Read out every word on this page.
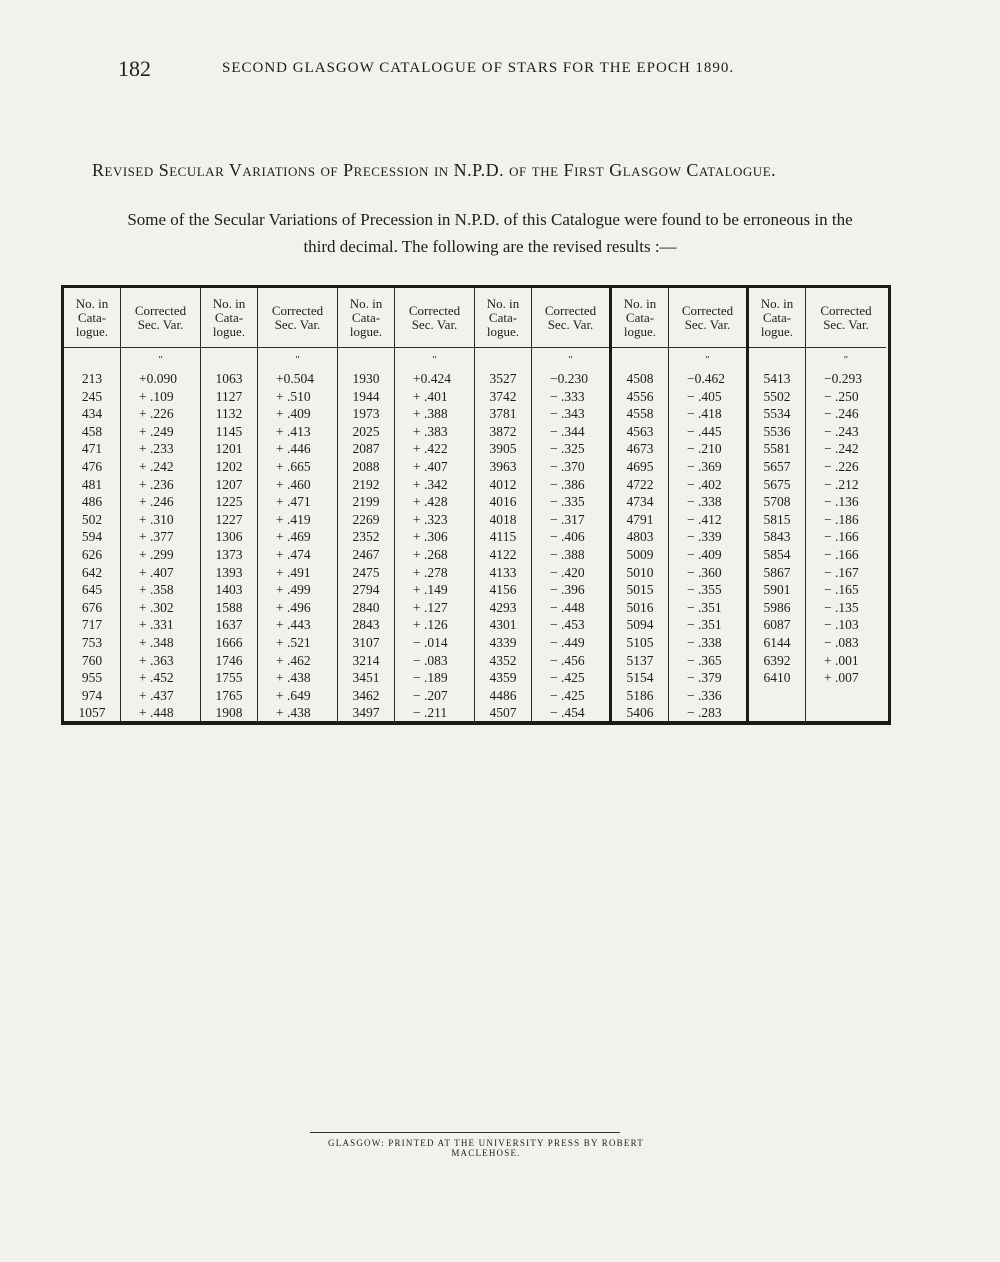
182	SECOND GLASGOW CATALOGUE OF STARS FOR THE EPOCH 1890.
Revised Secular Variations of Precession in N.P.D. of the First Glasgow Catalogue.
Some of the Secular Variations of Precession in N.P.D. of this Catalogue were found to be erroneous in the third decimal. The following are the revised results :—
No. in Cata-logue.
213
245
434
458
471
476
481
486
502
594
626
642
645
676
717
753
760
955
974
1057
Corrected Sec. Var.
″
+0.090
+ .109
+ .226
+ .249
+ .233
+ .242
+ .236
+ .246
+ .310
+ .377
+ .299
+ .407
+ .358
+ .302
+ .331
+ .348
+ .363
+ .452
+ .437
+ .448
No. in Cata-logue.
1063
1127
1132
1145
1201
1202
1207
1225
1227
1306
1373
1393
1403
1588
1637
1666
1746
1755
1765
1908
Corrected Sec. Var.
″
+0.504
+ .510
+ .409
+ .413
+ .446
+ .665
+ .460
+ .471
+ .419
+ .469
+ .474
+ .491
+ .499
+ .496
+ .443
+ .521
+ .462
+ .438
+ .649
+ .438
No. in Cata-logue.
1930
1944
1973
2025
2087
2088
2192
2199
2269
2352
2467
2475
2794
2840
2843
3107
3214
3451
3462
3497
Corrected Sec. Var.
″
+0.424
+ .401
+ .388
+ .383
+ .422
+ .407
+ .342
+ .428
+ .323
+ .306
+ .268
+ .278
+ .149
+ .127
+ .126
− .014
− .083
− .189
− .207
− .211
No. in Cata-logue.
3527
3742
3781
3872
3905
3963
4012
4016
4018
4115
4122
4133
4156
4293
4301
4339
4352
4359
4486
4507
Corrected Sec. Var.
″
−0.230
− .333
− .343
− .344
− .325
− .370
− .386
− .335
− .317
− .406
− .388
− .420
− .396
− .448
− .453
− .449
− .456
− .425
− .425
− .454
No. in Cata-logue.
4508
4556
4558
4563
4673
4695
4722
4734
4791
4803
5009
5010
5015
5016
5094
5105
5137
5154
5186
5406
Corrected Sec. Var.
″
−0.462
− .405
− .418
− .445
− .210
− .369
− .402
− .338
− .412
− .339
− .409
− .360
− .355
− .351
− .351
− .338
− .365
− .379
− .336
− .283
No. in Cata-logue.
5413
5502
5534
5536
5581
5657
5675
5708
5815
5843
5854
5867
5901
5986
6087
6144
6392
6410
Corrected Sec. Var.
″
−0.293
− .250
− .246
− .243
− .242
− .226
− .212
− .136
− .186
− .166
− .166
− .167
− .165
− .135
− .103
− .083
+ .001
+ .007
GLASGOW: PRINTED AT THE UNIVERSITY PRESS BY ROBERT MACLEHOSE.
